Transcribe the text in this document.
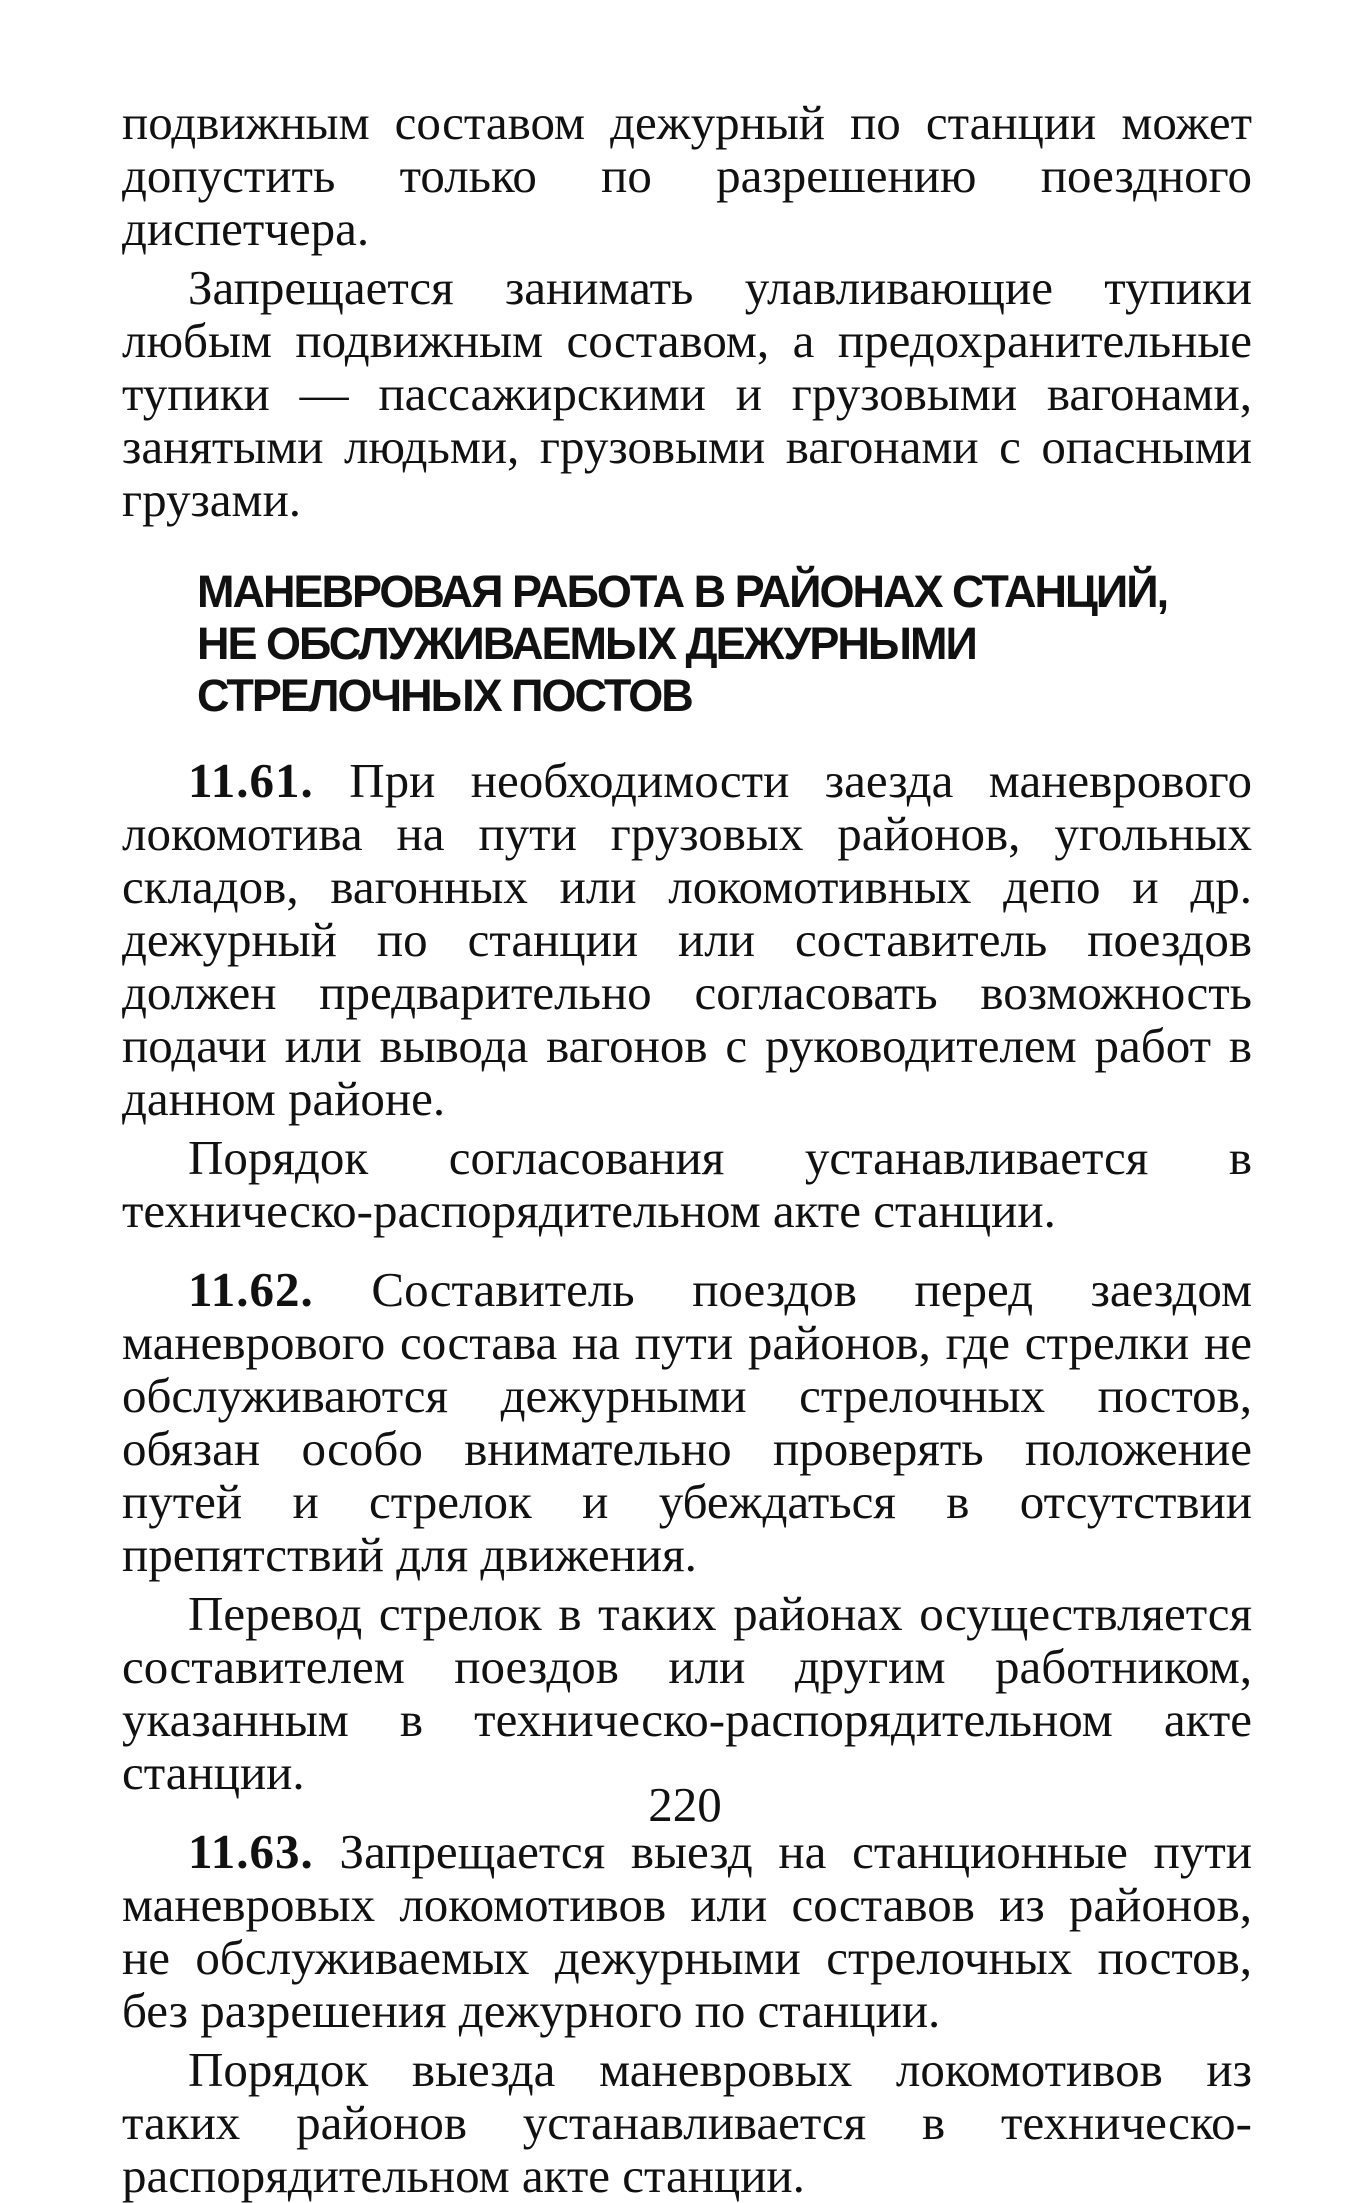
подвижным составом дежурный по станции может допустить только по разрешению поездного диспетчера.

Запрещается занимать улавливающие тупики любым подвижным составом, а предохранительные тупики — пассажирскими и грузовыми вагонами, занятыми людьми, грузовыми вагонами с опасными грузами.

МАНЕВРОВАЯ РАБОТА В РАЙОНАХ СТАНЦИЙ,
НЕ ОБСЛУЖИВАЕМЫХ ДЕЖУРНЫМИ
СТРЕЛОЧНЫХ ПОСТОВ

11.61. При необходимости заезда маневрового локомотива на пути грузовых районов, угольных складов, вагонных или локомотивных депо и др. дежурный по станции или составитель поездов должен предварительно согласовать возможность подачи или вывода вагонов с руководителем работ в данном районе.

Порядок согласования устанавливается в техническо-распорядительном акте станции.

11.62. Составитель поездов перед заездом маневрового состава на пути районов, где стрелки не обслуживаются дежурными стрелочных постов, обязан особо внимательно проверять положение путей и стрелок и убеждаться в отсутствии препятствий для движения.

Перевод стрелок в таких районах осуществляется составителем поездов или другим работником, указанным в техническо-распорядительном акте станции.

11.63. Запрещается выезд на станционные пути маневровых локомотивов или составов из районов, не обслуживаемых дежурными стрелочных постов, без разрешения дежурного по станции.

Порядок выезда маневровых локомотивов из таких районов устанавливается в техническо-распорядительном акте станции.

220
